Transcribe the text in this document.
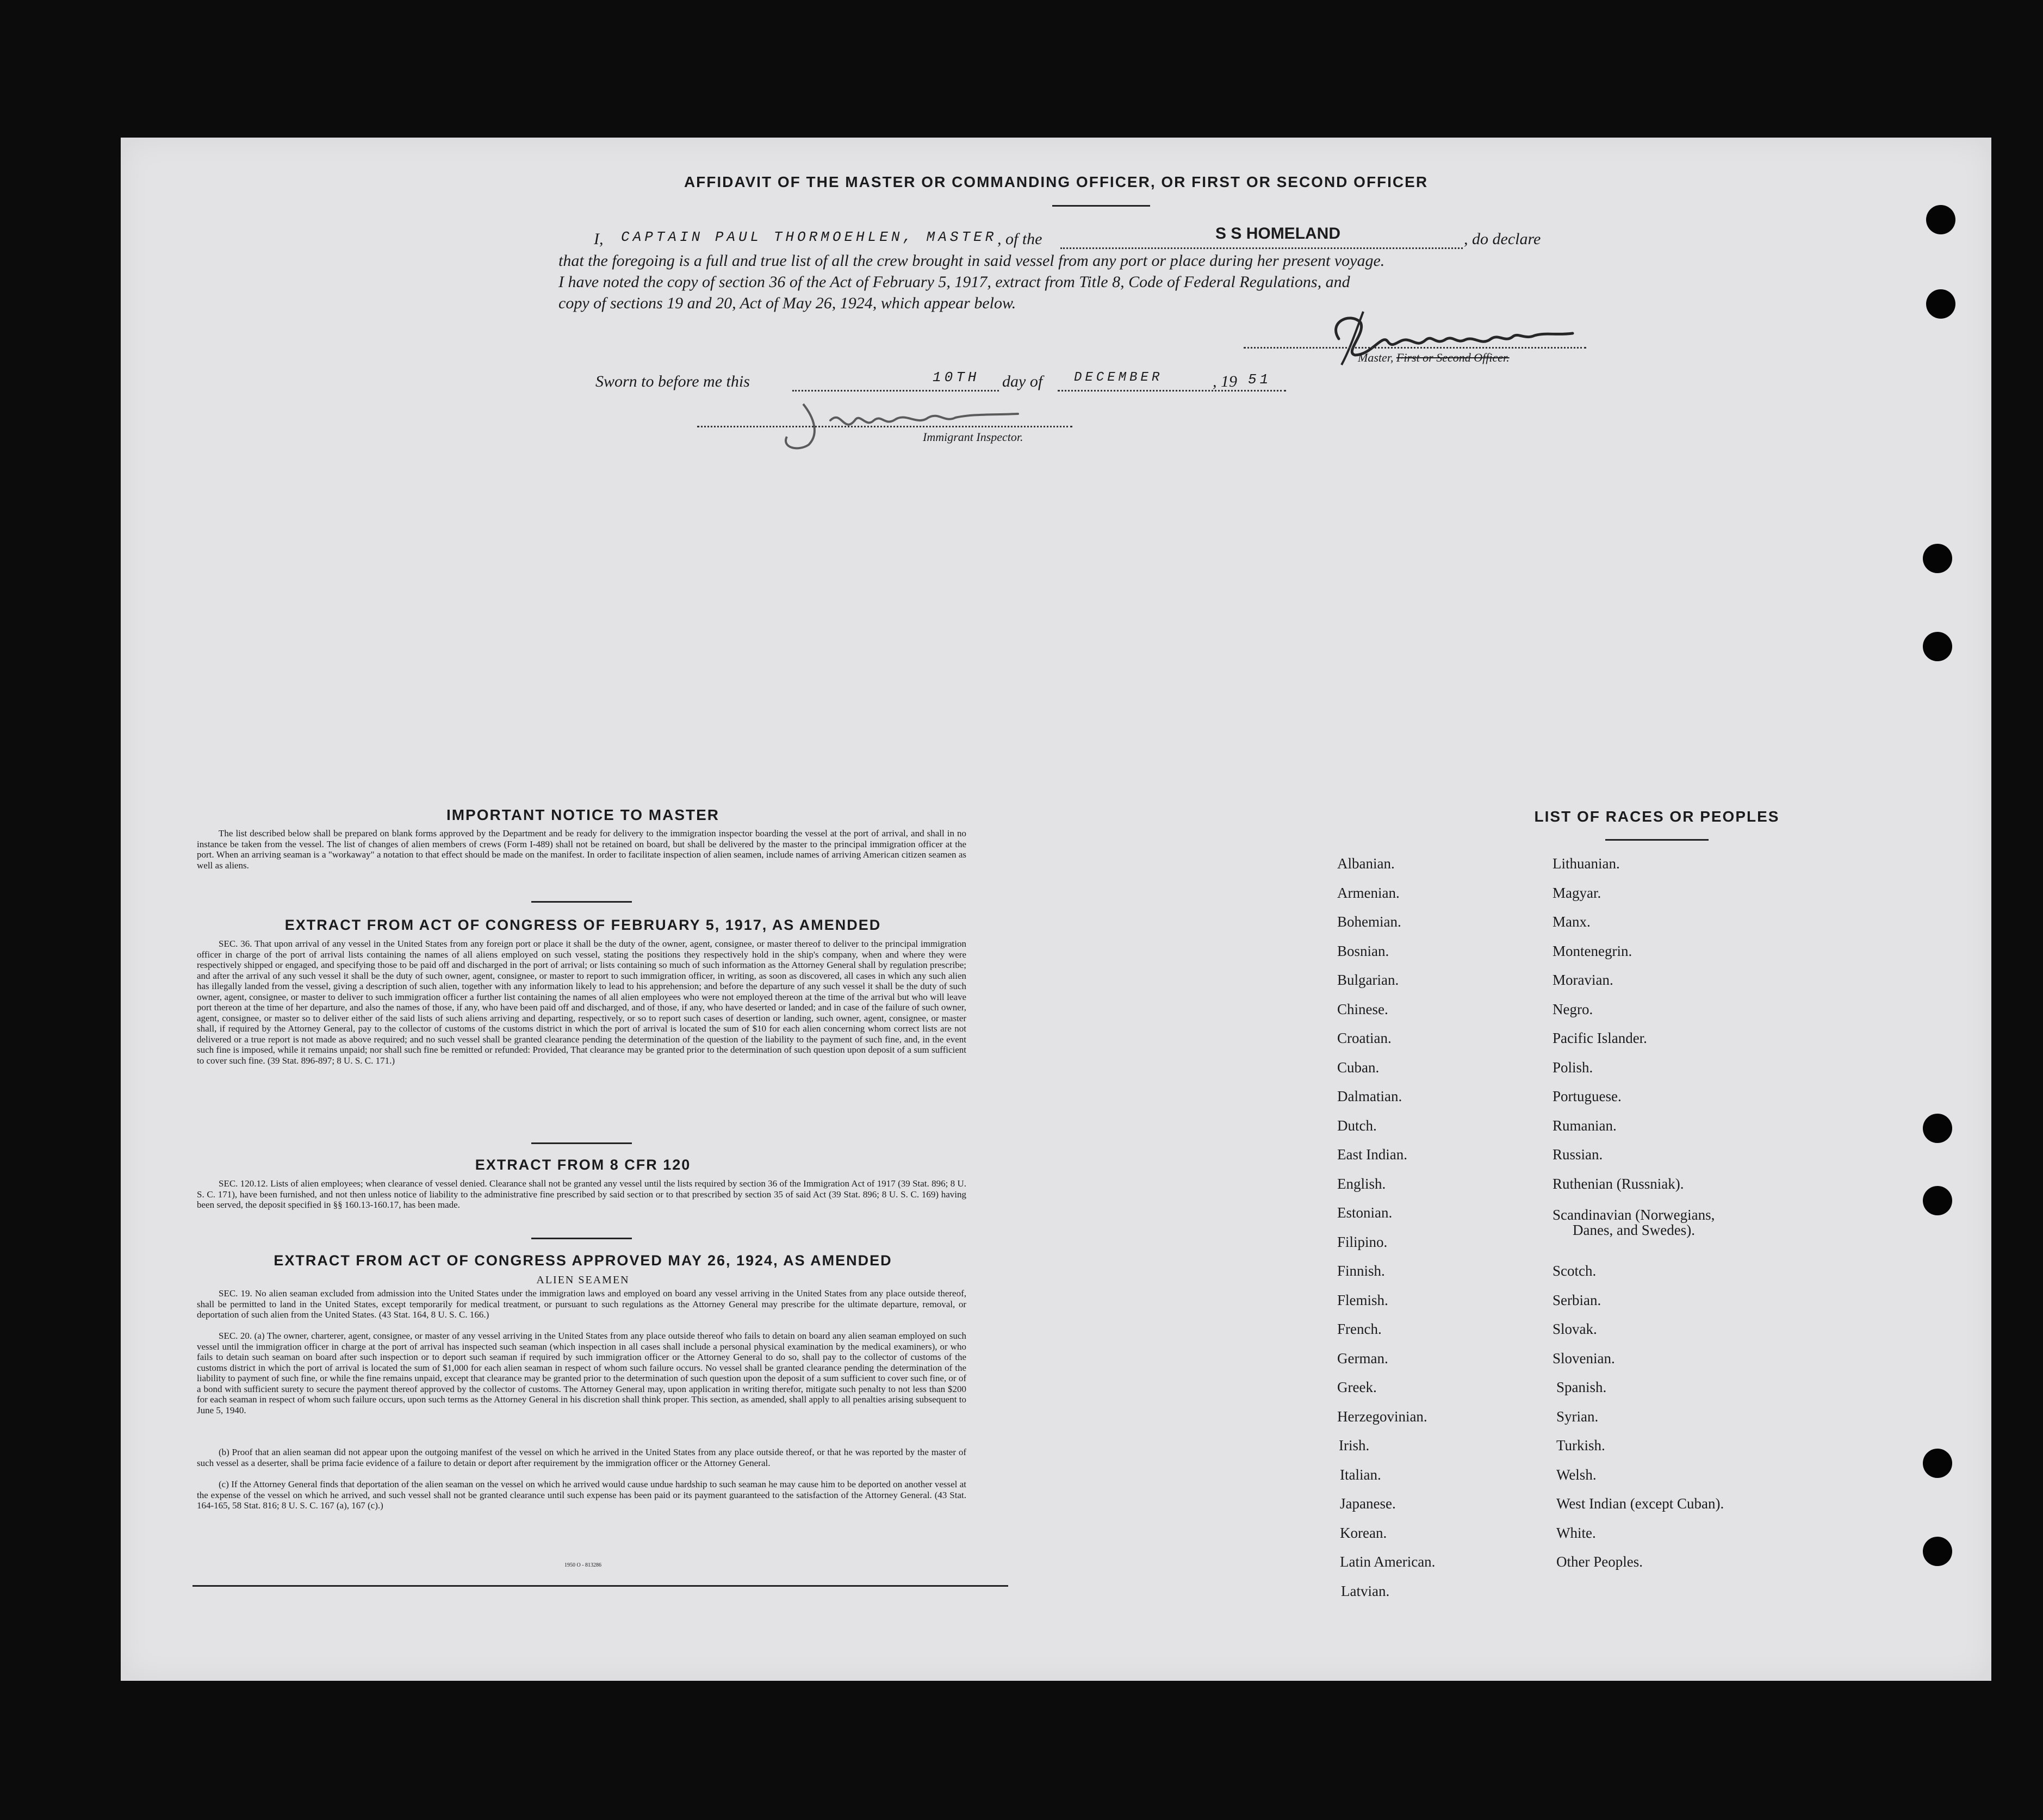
AFFIDAVIT OF THE MASTER OR COMMANDING OFFICER, OR FIRST OR SECOND OFFICER
I, CAPTAIN PAUL THORMOEHLEN, MASTER , of the	S S HOMELAND	, do declare
that the foregoing is a full and true list of all the crew brought in said vessel from any port or place during her present voyage.
I have noted the copy of section 36 of the Act of February 5, 1917, extract from Title 8, Code of Federal Regulations, and
copy of sections 19 and 20, Act of May 26, 1924, which appear below.
Master, First or Second Officer.
Sworn to before me this	10TH day of DECEMBER	, 19 51
Immigrant Inspector.
IMPORTANT NOTICE TO MASTER
The list described below shall be prepared on blank forms approved by the Department and be ready for delivery to the immigration inspector boarding the vessel at the port of arrival, and shall in no instance be taken from the vessel. The list of changes of alien members of crews (Form I-489) shall not be retained on board, but shall be delivered by the master to the principal immigration officer at the port. When an arriving seaman is a "workaway" a notation to that effect should be made on the manifest. In order to facilitate inspection of alien seamen, include names of arriving American citizen seamen as well as aliens.
EXTRACT FROM ACT OF CONGRESS OF FEBRUARY 5, 1917, AS AMENDED
SEC. 36. That upon arrival of any vessel in the United States from any foreign port or place it shall be the duty of the owner, agent, consignee, or master thereof to deliver to the principal immigration officer in charge of the port of arrival lists containing the names of all aliens employed on such vessel, stating the positions they respectively hold in the ship's company, when and where they were respectively shipped or engaged, and specifying those to be paid off and discharged in the port of arrival; or lists containing so much of such information as the Attorney General shall by regulation prescribe; and after the arrival of any such vessel it shall be the duty of such owner, agent, consignee, or master to report to such immigration officer, in writing, as soon as discovered, all cases in which any such alien has illegally landed from the vessel, giving a description of such alien, together with any information likely to lead to his apprehension; and before the departure of any such vessel it shall be the duty of such owner, agent, consignee, or master to deliver to such immigration officer a further list containing the names of all alien employees who were not employed thereon at the time of the arrival but who will leave port thereon at the time of her departure, and also the names of those, if any, who have been paid off and discharged, and of those, if any, who have deserted or landed; and in case of the failure of such owner, agent, consignee, or master so to deliver either of the said lists of such aliens arriving and departing, respectively, or so to report such cases of desertion or landing, such owner, agent, consignee, or master shall, if required by the Attorney General, pay to the collector of customs of the customs district in which the port of arrival is located the sum of $10 for each alien concerning whom correct lists are not delivered or a true report is not made as above required; and no such vessel shall be granted clearance pending the determination of the question of the liability to the payment of such fine, and, in the event such fine is imposed, while it remains unpaid; nor shall such fine be remitted or refunded: Provided, That clearance may be granted prior to the determination of such question upon deposit of a sum sufficient to cover such fine. (39 Stat. 896-897; 8 U. S. C. 171.)
EXTRACT FROM 8 CFR 120
SEC. 120.12. Lists of alien employees; when clearance of vessel denied. Clearance shall not be granted any vessel until the lists required by section 36 of the Immigration Act of 1917 (39 Stat. 896; 8 U. S. C. 171), have been furnished, and not then unless notice of liability to the administrative fine prescribed by said section or to that prescribed by section 35 of said Act (39 Stat. 896; 8 U. S. C. 169) having been served, the deposit specified in §§ 160.13-160.17, has been made.
EXTRACT FROM ACT OF CONGRESS APPROVED MAY 26, 1924, AS AMENDED
ALIEN SEAMEN
SEC. 19. No alien seaman excluded from admission into the United States under the immigration laws and employed on board any vessel arriving in the United States from any place outside thereof, shall be permitted to land in the United States, except temporarily for medical treatment, or pursuant to such regulations as the Attorney General may prescribe for the ultimate departure, removal, or deportation of such alien from the United States. (43 Stat. 164, 8 U. S. C. 166.)
SEC. 20. (a) The owner, charterer, agent, consignee, or master of any vessel arriving in the United States from any place outside thereof who fails to detain on board any alien seaman employed on such vessel until the immigration officer in charge at the port of arrival has inspected such seaman (which inspection in all cases shall include a personal physical examination by the medical examiners), or who fails to detain such seaman on board after such inspection or to deport such seaman if required by such immigration officer or the Attorney General to do so, shall pay to the collector of customs of the customs district in which the port of arrival is located the sum of $1,000 for each alien seaman in respect of whom such failure occurs. No vessel shall be granted clearance pending the determination of the liability to payment of such fine, or while the fine remains unpaid, except that clearance may be granted prior to the determination of such question upon the deposit of a sum sufficient to cover such fine, or of a bond with sufficient surety to secure the payment thereof approved by the collector of customs. The Attorney General may, upon application in writing therefor, mitigate such penalty to not less than $200 for each seaman in respect of whom such failure occurs, upon such terms as the Attorney General in his discretion shall think proper. This section, as amended, shall apply to all penalties arising subsequent to June 5, 1940.
(b) Proof that an alien seaman did not appear upon the outgoing manifest of the vessel on which he arrived in the United States from any place outside thereof, or that he was reported by the master of such vessel as a deserter, shall be prima facie evidence of a failure to detain or deport after requirement by the immigration officer or the Attorney General.
(c) If the Attorney General finds that deportation of the alien seaman on the vessel on which he arrived would cause undue hardship to such seaman he may cause him to be deported on another vessel at the expense of the vessel on which he arrived, and such vessel shall not be granted clearance until such expense has been paid or its payment guaranteed to the satisfaction of the Attorney General. (43 Stat. 164-165, 58 Stat. 816; 8 U. S. C. 167 (a), 167 (c).)
1950 O - 813286
LIST OF RACES OR PEOPLES
Albanian.
Armenian.
Bohemian.
Bosnian.
Bulgarian.
Chinese.
Croatian.
Cuban.
Dalmatian.
Dutch.
East Indian.
English.
Estonian.
Filipino.
Finnish.
Flemish.
French.
German.
Greek.
Herzegovinian.
Irish.
Italian.
Japanese.
Korean.
Latin American.
Latvian.
Lithuanian.
Magyar.
Manx.
Montenegrin.
Moravian.
Negro.
Pacific Islander.
Polish.
Portuguese.
Rumanian.
Russian.
Ruthenian (Russniak).
Scandinavian (Norwegians,
Danes, and Swedes).
Scotch.
Serbian.
Slovak.
Slovenian.
Spanish.
Syrian.
Turkish.
Welsh.
West Indian (except Cuban).
White.
Other Peoples.
